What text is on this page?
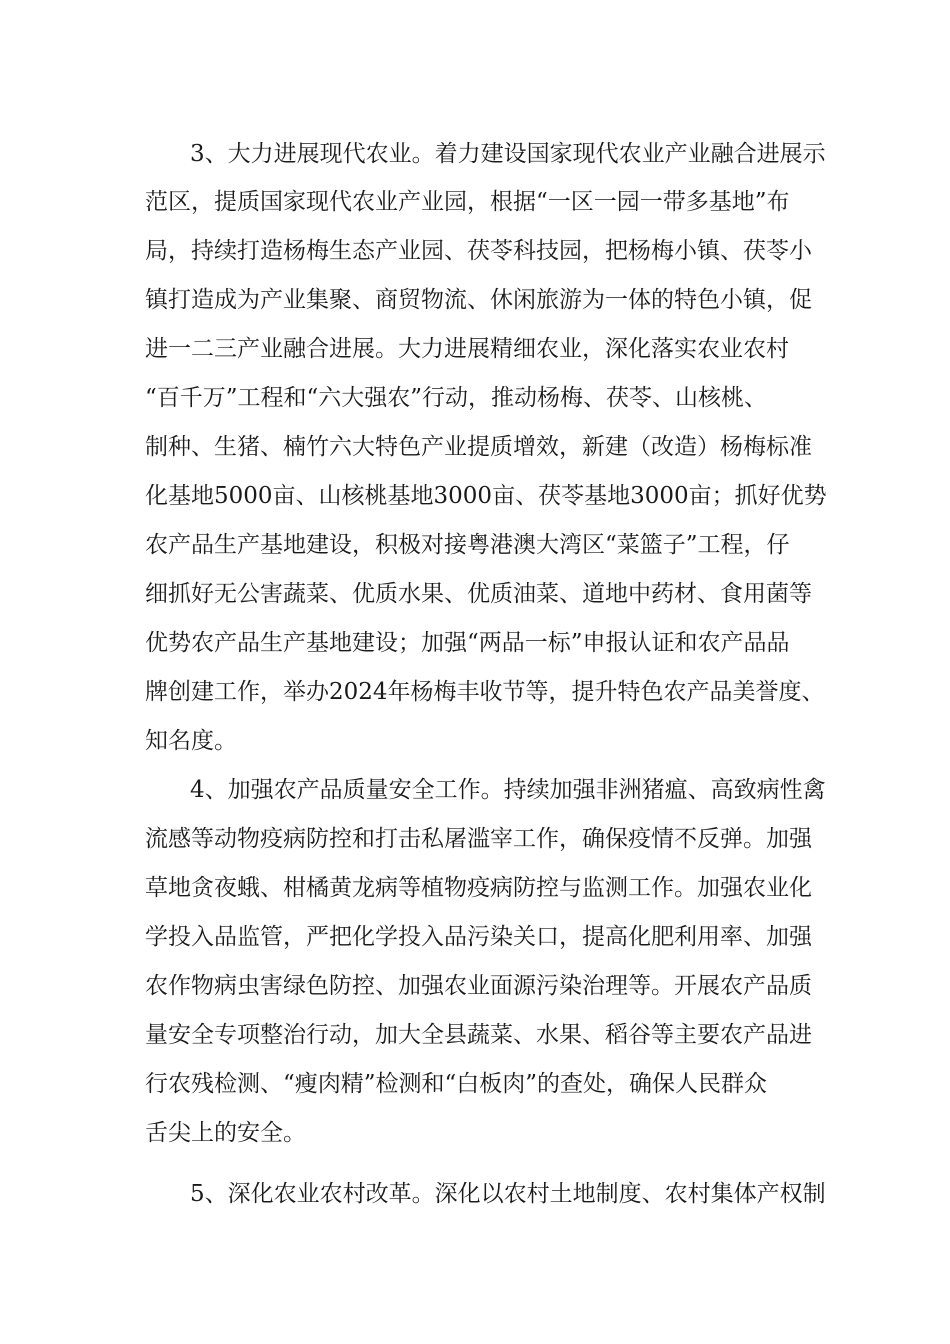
3、大力进展现代农业。着力建设国家现代农业产业融合进展示
范区，提质国家现代农业产业园，根据“一区一园一带多基地”布
局，持续打造杨梅生态产业园、茯苓科技园，把杨梅小镇、茯苓小
镇打造成为产业集聚、商贸物流、休闲旅游为一体的特色小镇，促
进一二三产业融合进展。大力进展精细农业，深化落实农业农村
“百千万”工程和“六大强农”行动，推动杨梅、茯苓、山核桃、
制种、生猪、楠竹六大特色产业提质增效，新建（改造）杨梅标准
化基地5000亩、山核桃基地3000亩、茯苓基地3000亩；抓好优势
农产品生产基地建设，积极对接粤港澳大湾区“菜篮子”工程，仔
细抓好无公害蔬菜、优质水果、优质油菜、道地中药材、食用菌等
优势农产品生产基地建设；加强“两品一标”申报认证和农产品品
牌创建工作，举办2024年杨梅丰收节等，提升特色农产品美誉度、
知名度。
4、加强农产品质量安全工作。持续加强非洲猪瘟、高致病性禽
流感等动物疫病防控和打击私屠滥宰工作，确保疫情不反弹。加强
草地贪夜蛾、柑橘黄龙病等植物疫病防控与监测工作。加强农业化
学投入品监管，严把化学投入品污染关口，提高化肥利用率、加强
农作物病虫害绿色防控、加强农业面源污染治理等。开展农产品质
量安全专项整治行动，加大全县蔬菜、水果、稻谷等主要农产品进
行农残检测、“瘦肉精”检测和“白板肉”的查处，确保人民群众
舌尖上的安全。
5、深化农业农村改革。深化以农村土地制度、农村集体产权制
